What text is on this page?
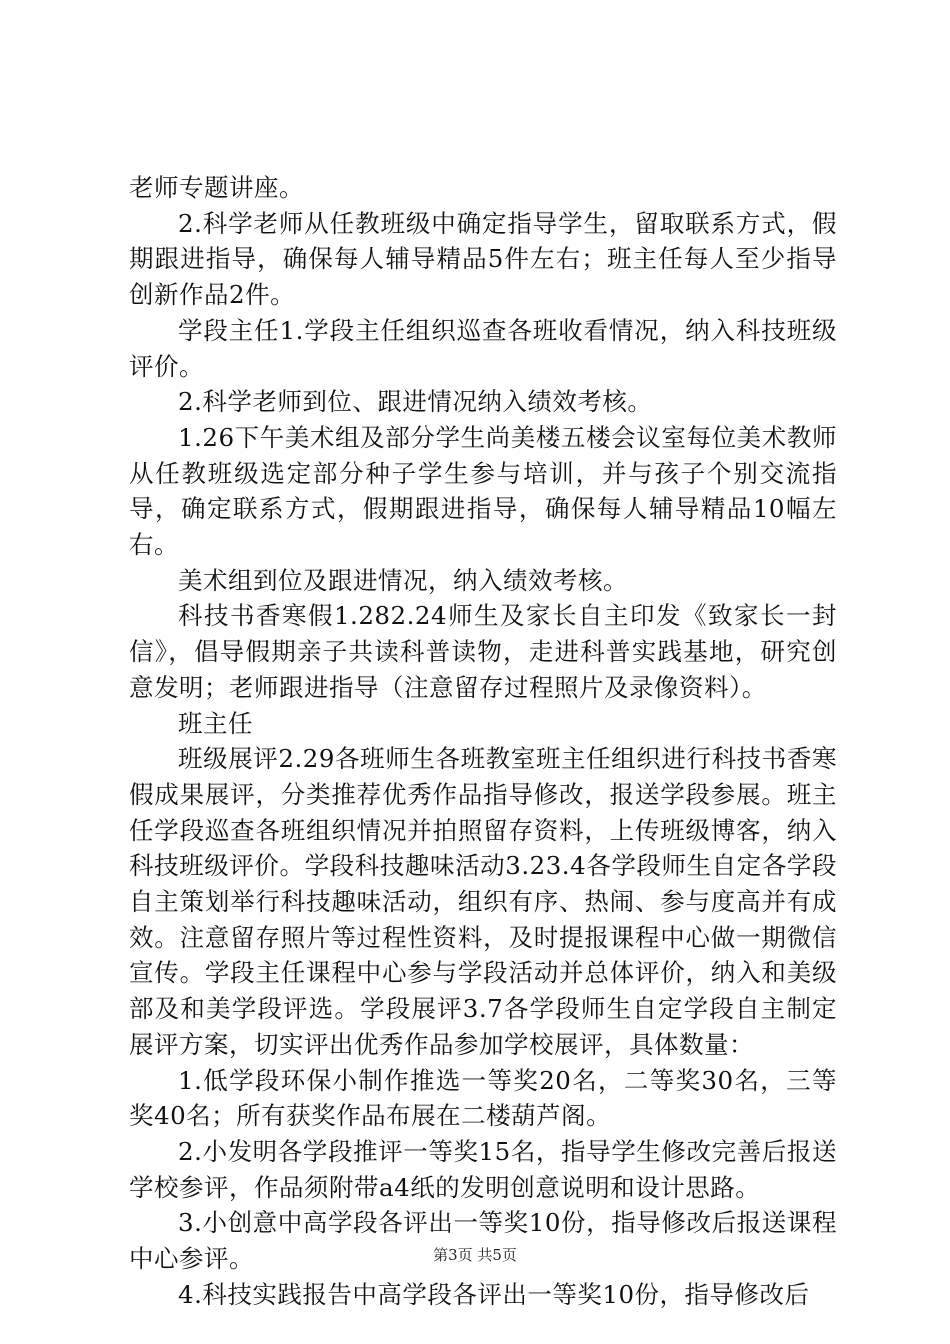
老师专题讲座。

2.科学老师从任教班级中确定指导学生，留取联系方式，假期跟进指导，确保每人辅导精品5件左右；班主任每人至少指导创新作品2件。

学段主任1.学段主任组织巡查各班收看情况，纳入科技班级评价。

2.科学老师到位、跟进情况纳入绩效考核。

1.26下午美术组及部分学生尚美楼五楼会议室每位美术教师从任教班级选定部分种子学生参与培训，并与孩子个别交流指导，确定联系方式，假期跟进指导，确保每人辅导精品10幅左右。

美术组到位及跟进情况，纳入绩效考核。

科技书香寒假1.282.24师生及家长自主印发《致家长一封信》，倡导假期亲子共读科普读物，走进科普实践基地，研究创意发明；老师跟进指导（注意留存过程照片及录像资料）。

班主任

班级展评2.29各班师生各班教室班主任组织进行科技书香寒假成果展评，分类推荐优秀作品指导修改，报送学段参展。班主任学段巡查各班组织情况并拍照留存资料，上传班级博客，纳入科技班级评价。学段科技趣味活动3.23.4各学段师生自定各学段自主策划举行科技趣味活动，组织有序、热闹、参与度高并有成效。注意留存照片等过程性资料，及时提报课程中心做一期微信宣传。学段主任课程中心参与学段活动并总体评价，纳入和美级部及和美学段评选。学段展评3.7各学段师生自定学段自主制定展评方案，切实评出优秀作品参加学校展评，具体数量：

1.低学段环保小制作推选一等奖20名，二等奖30名，三等奖40名；所有获奖作品布展在二楼葫芦阁。

2.小发明各学段推评一等奖15名，指导学生修改完善后报送学校参评，作品须附带a4纸的发明创意说明和设计思路。

3.小创意中高学段各评出一等奖10份，指导修改后报送课程中心参评。

4.科技实践报告中高学段各评出一等奖10份，指导修改后

第3页 共5页
